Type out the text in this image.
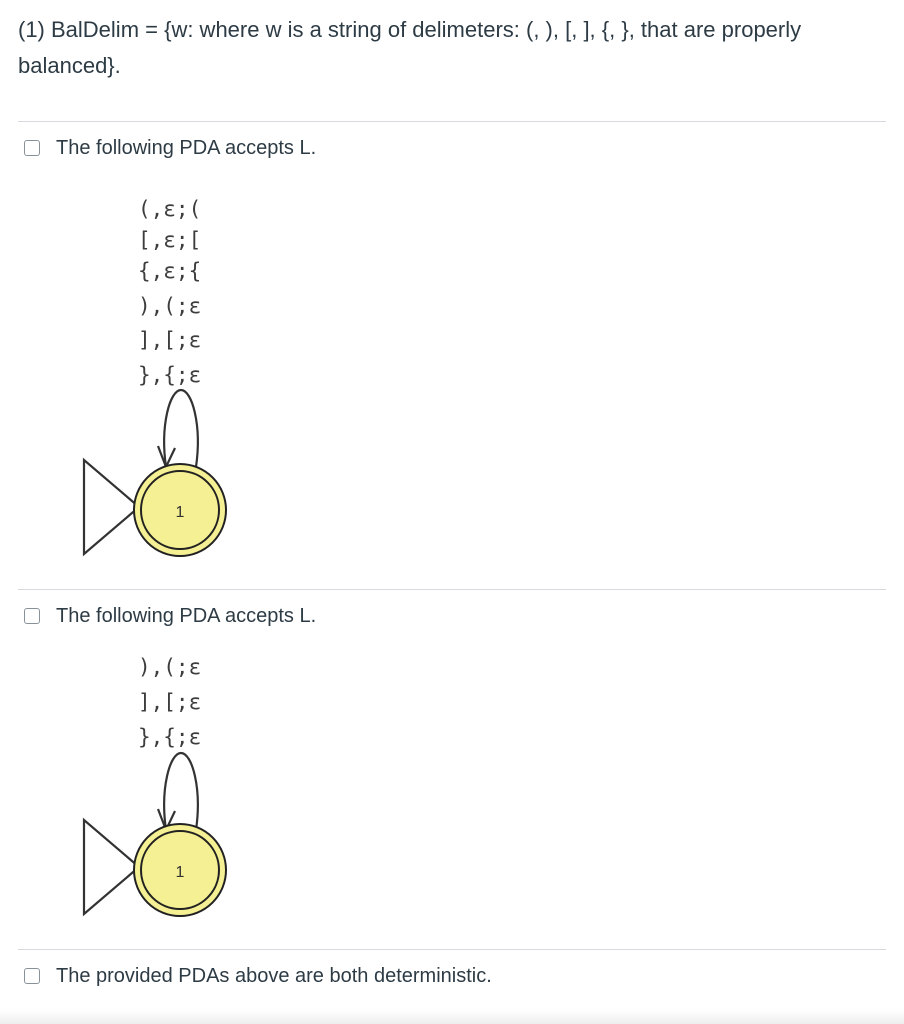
(1) BalDelim = {w: where w is a string of delimeters: (, ), [, ], {, }, that are properly balanced}.
The following PDA accepts L.
(,ε;(
[,ε;[
{,ε;{
),(;ε
],[;ε
},{;ε
1
The following PDA accepts L.
),(;ε
],[;ε
},{;ε
1
The provided PDAs above are both deterministic.
